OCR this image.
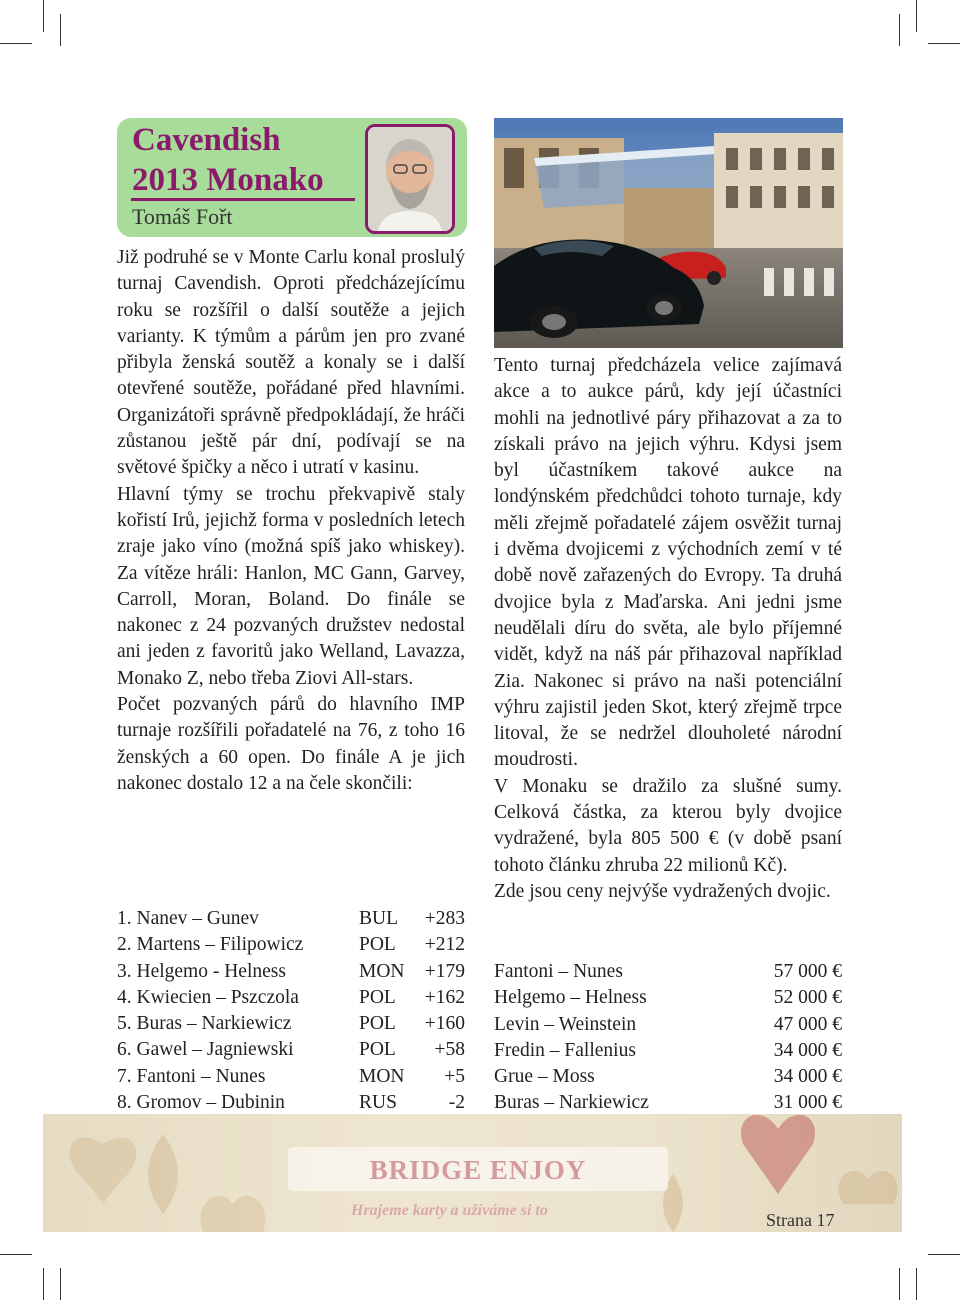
Cavendish
2013 Monako
Tomáš Fořt

Již podruhé se v Monte Carlu konal proslulý turnaj Cavendish. Oproti předcházejícímu roku se rozšířil o další soutěže a jejich varianty. K týmům a párům jen pro zvané přibyla ženská soutěž a konaly se i další otevřené soutěže, pořádané před hlavními. Organizátoři správně předpokládají, že hráči zůstanou ještě pár dní, podívají se na světové špičky a něco i utratí v kasinu.

Hlavní týmy se trochu překvapivě staly kořistí Irů, jejichž forma v posledních letech zraje jako víno (možná spíš jako whiskey). Za vítěze hráli: Hanlon, MC Gann, Garvey, Carroll, Moran, Boland. Do finále se nakonec z 24 pozvaných družstev nedostal ani jeden z favoritů jako Welland, Lavazza, Monako Z, nebo třeba Ziovi All-stars.

Počet pozvaných párů do hlavního IMP turnaje rozšířili pořadatelé na 76, z toho 16 ženských a 60 open. Do finále A je jich nakonec dostalo 12 a na čele skončili:

1. Nanev – Gunev	BUL +283
2. Martens – Filipowicz	POL +212
3. Helgemo - Helness	MON +179
4. Kwiecien – Pszczola	POL +162
5. Buras – Narkiewicz	POL +160
6. Gawel – Jagniewski	POL +58
7. Fantoni – Nunes	MON +5
8. Gromov – Dubinin	RUS	-2

Tento turnaj předcházela velice zajímavá akce a to aukce párů, kdy její účastníci mohli na jednotlivé páry přihazovat a za to získali právo na jejich výhru. Kdysi jsem byl účastníkem takové aukce na londýnském předchůdci tohoto turnaje, kdy měli zřejmě pořadatelé zájem osvěžit turnaj i dvěma dvojicemi z východních zemí v té době nově zařazených do Evropy. Ta druhá dvojice byla z Maďarska. Ani jedni jsme neudělali díru do světa, ale bylo příjemné vidět, když na náš pár přihazoval například Zia. Nakonec si právo na naši potenciální výhru zajistil jeden Skot, který zřejmě trpce litoval, že se nedržel dlouholeté národní moudrosti.

V Monaku se dražilo za slušné sumy. Celková částka, za kterou byly dvojice vydražené, byla 805 500 € (v době psaní tohoto článku zhruba 22 milionů Kč).

Zde jsou ceny nejvýše vydražených dvojic.

Fantoni – Nunes	57 000 €
Helgemo – Helness	52 000 €
Levin – Weinstein	47 000 €
Fredin – Fallenius	34 000 €
Grue – Moss	34 000 €
Buras – Narkiewicz	31 000 €
BRIDGE ENJOY
Hrajeme karty a užíváme si to	Strana 17
